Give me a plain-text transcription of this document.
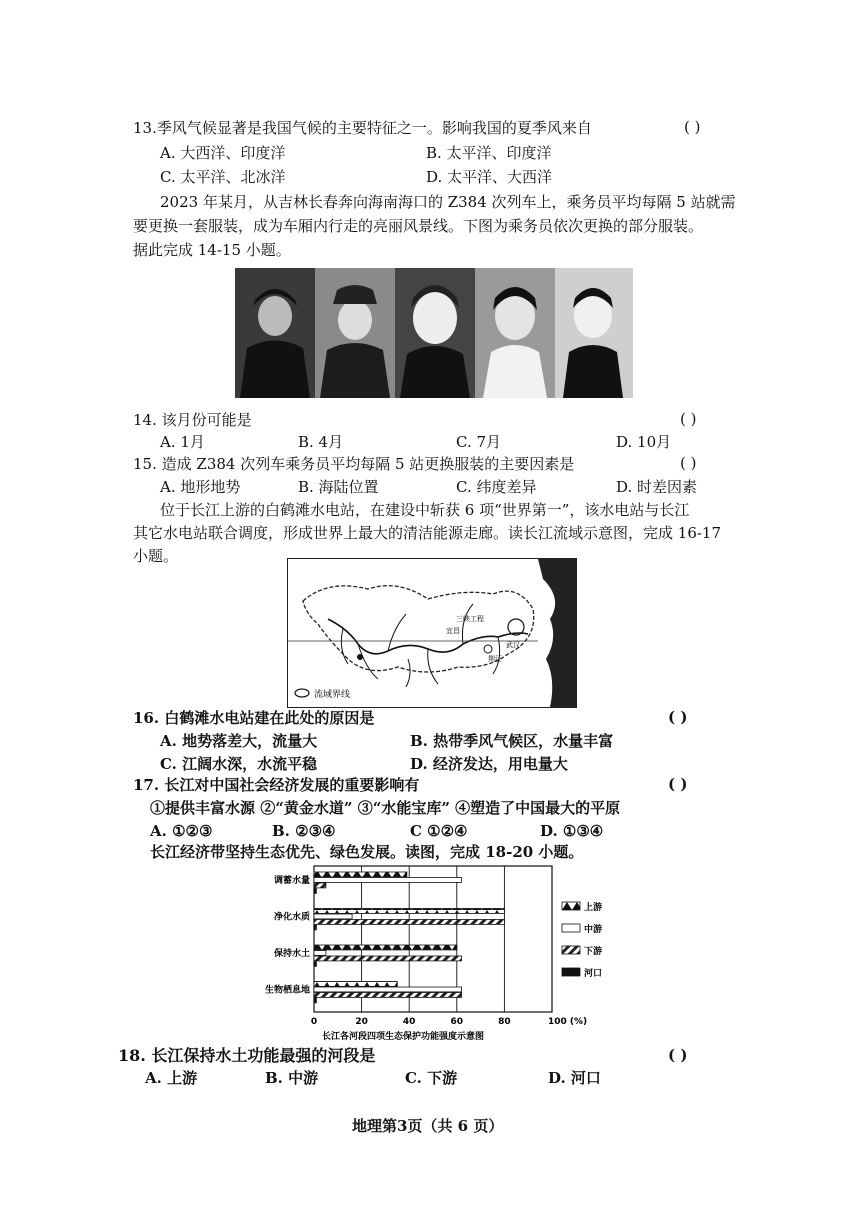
13.季风气候显著是我国气候的主要特征之一。影响我国的夏季风来自	( )
A. 大西洋、印度洋	B. 太平洋、印度洋
C. 太平洋、北冰洋	D. 太平洋、大西洋
2023 年某月，从吉林长春奔向海南海口的 Z384 次列车上，乘务员平均每隔 5 站就需
要更换一套服装，成为车厢内行走的亮丽风景线。下图为乘务员依次更换的部分服装。
据此完成 14-15 小题。
14. 该月份可能是	( )
A. 1月	B. 4月	C. 7月	D. 10月
15. 造成 Z384 次列车乘务员平均每隔 5 站更换服装的主要因素是	( )
A. 地形地势	B. 海陆位置	C. 纬度差异	D. 时差因素
位于长江上游的白鹤滩水电站，在建设中斩获 6 项“世界第一”，该水电站与长江
其它水电站联合调度，形成世界上最大的清洁能源走廊。读长江流域示意图，完成 16-17
小题。
三峡工程
荆江
宜昌
武汉
流域界线
16. 白鹤滩水电站建在此处的原因是	( )
A. 地势落差大，流量大	B. 热带季风气候区，水量丰富
C. 江阔水深，水流平稳	D. 经济发达，用电量大
17. 长江对中国社会经济发展的重要影响有	( )
①提供丰富水源 ②“黄金水道” ③“水能宝库” ④塑造了中国最大的平原
A. ①②③	B. ②③④	C ①②④	D. ①③④
长江经济带坚持生态优先、绿色发展。读图，完成 18-20 小题。
0	20	40	60	80	100 (%)
调蓄水量
净化水质
保持水土
生物栖息地
上游
中游
下游
河口
长江各河段四项生态保护功能强度示意图
18. 长江保持水土功能最强的河段是	( )
A. 上游	B. 中游	C. 下游	D. 河口
地理第3页（共 6 页）
